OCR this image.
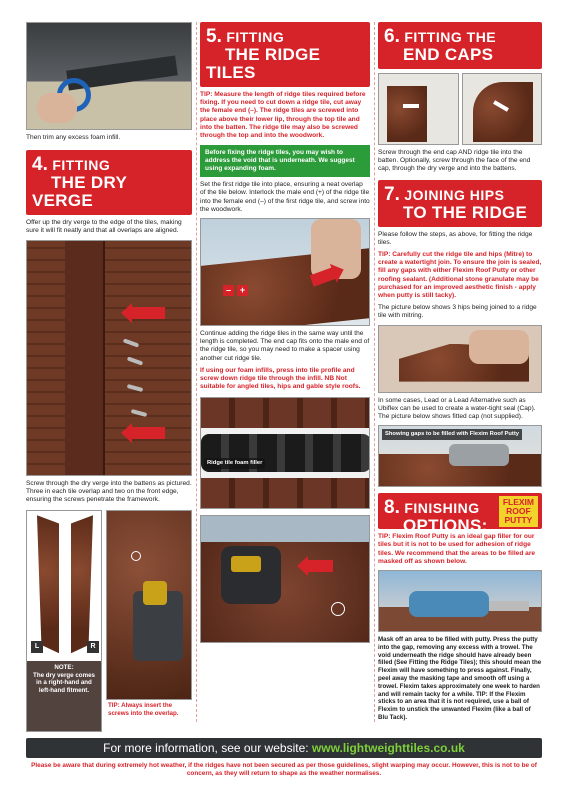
Then trim any excess foam infill.
4. FITTING
THE DRY VERGE
Offer up the dry verge to the edge of the tiles, making sure it will fit neatly and that all overlaps are aligned.
Screw through the dry verge into the battens as pictured. Three in each tile overlap and two on the front edge, ensuring the screws penetrate the framework.
L	R
NOTE:
The dry verge comes in a right-hand and left-hand fitment.
TIP: Always insert the screws into the overlap.
5. FITTING
THE RIDGE TILES
TIP: Measure the length of ridge tiles required before fixing. If you need to cut down a ridge tile, cut away the female end (–). The ridge tiles are screwed into place above their lower lip, through the top tile and into the batten. The ridge tile may also be screwed through the top and into the woodwork.
Before fixing the ridge tiles, you may wish to address the void that is underneath. We suggest using expanding foam.
Set the first ridge tile into place, ensuring a neat overlap of the tile below. Interlock the male end (+) of the ridge tile into the female end (–) of the first ridge tile, and screw into the woodwork.
– +
Continue adding the ridge tiles in the same way until the length is completed. The end cap fits onto the male end of the ridge tile, so you may need to make a spacer using another cut ridge tile.
If using our foam infills, press into tile profile and screw down ridge tile through the infill. NB Not suitable for angled tiles, hips and gable style roofs.
Ridge tile foam filler
6. FITTING THE
END CAPS
Screw through the end cap AND ridge tile into the batten. Optionally, screw through the face of the end cap, through the dry verge and into the battens.
7. JOINING HIPS
TO THE RIDGE
Please follow the steps, as above, for fitting the ridge tiles.
TIP: Carefully cut the ridge tile and hips (Mitre) to create a watertight join. To ensure the join is sealed, fill any gaps with either Flexim Roof Putty or other roofing sealant. (Additional stone granulate may be purchased for an improved aesthetic finish - apply when putty is still tacky).
The picture below shows 3 hips being joined to a ridge tile with mitring.
In some cases, Lead or a Lead Alternative such as Ubiflex can be used to create a water-tight seal (Cap). The picture below shows fitted cap (not supplied).
Showing gaps to be filled with Flexim Roof Putty
8. FINISHING
OPTIONS:
FLEXIM
ROOF
PUTTY
TIP: Flexim Roof Putty is an ideal gap filler for our tiles but it is not to be used for adhesion of ridge tiles. We recommend that the areas to be filled are masked off as shown below.
Mask off an area to be filled with putty. Press the putty into the gap, removing any excess with a trowel. The void underneath the ridge should have already been filled (See Fitting the Ridge Tiles); this should mean the Flexim will have something to press against. Finally, peel away the masking tape and smooth off using a trowel. Flexim takes approximately one week to harden and will remain tacky for a while. TIP: If the Flexim sticks to an area that it is not required, use a ball of Flexim to unstick the unwanted Flexim (like a ball of Blu Tack).
For more information, see our website: www.lightweighttiles.co.uk
Please be aware that during extremely hot weather, if the ridges have not been secured as per those guidelines, slight warping may occur. However, this is not to be of concern, as they will return to shape as the weather normalises.
